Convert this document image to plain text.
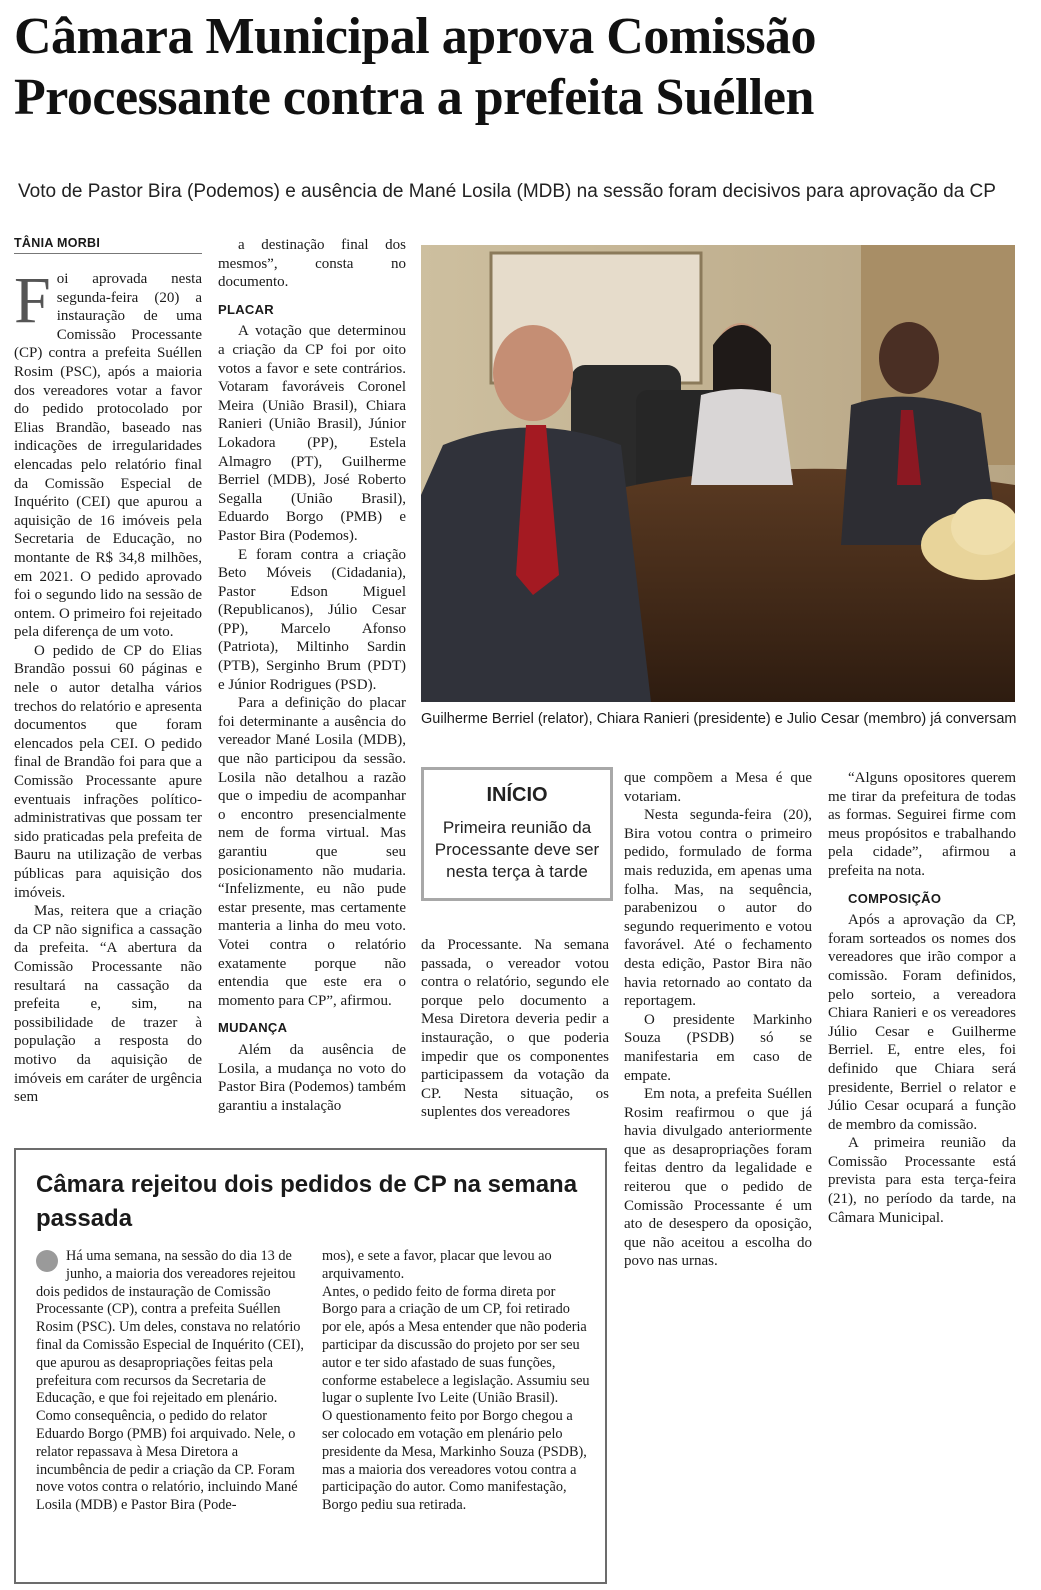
Câmara Municipal aprova Comissão Processante contra a prefeita Suéllen

Voto de Pastor Bira (Podemos) e ausência de Mané Losila (MDB) na sessão foram decisivos para aprovação da CP

TÂNIA MORBI

Foi aprovada nesta segunda-feira (20) a instauração de uma Comissão Processante (CP) contra a prefeita Suéllen Rosim (PSC), após a maioria dos vereadores votar a favor do pedido protocolado por Elias Brandão, baseado nas indicações de irregularidades elencadas pelo relatório final da Comissão Especial de Inquérito (CEI) que apurou a aquisição de 16 imóveis pela Secretaria de Educação, no montante de R$ 34,8 milhões, em 2021. O pedido aprovado foi o segundo lido na sessão de ontem. O primeiro foi rejeitado pela diferença de um voto.

O pedido de CP do Elias Brandão possui 60 páginas e nele o autor detalha vários trechos do relatório e apresenta documentos que foram elencados pela CEI. O pedido final de Brandão foi para que a Comissão Processante apure eventuais infrações político-administrativas que possam ter sido praticadas pela prefeita de Bauru na utilização de verbas públicas para aquisição dos imóveis.

Mas, reitera que a criação da CP não significa a cassação da prefeita. “A abertura da Comissão Processante não resultará na cassação da prefeita e, sim, na possibilidade de trazer à população a resposta do motivo da aquisição de imóveis em caráter de urgência sem

a destinação final dos mesmos”, consta no documento.

PLACAR

A votação que determinou a criação da CP foi por oito votos a favor e sete contrários. Votaram favoráveis Coronel Meira (União Brasil), Chiara Ranieri (União Brasil), Júnior Lokadora (PP), Estela Almagro (PT), Guilherme Berriel (MDB), José Roberto Segalla (União Brasil), Eduardo Borgo (PMB) e Pastor Bira (Podemos).

E foram contra a criação Beto Móveis (Cidadania), Pastor Edson Miguel (Republicanos), Júlio Cesar (PP), Marcelo Afonso (Patriota), Miltinho Sardin (PTB), Serginho Brum (PDT) e Júnior Rodrigues (PSD).

Para a definição do placar foi determinante a ausência do vereador Mané Losila (MDB), que não participou da sessão. Losila não detalhou a razão que o impediu de acompanhar o encontro presencialmente nem de forma virtual. Mas garantiu que seu posicionamento não mudaria. “Infelizmente, eu não pude estar presente, mas certamente manteria a linha do meu voto. Votei contra o relatório exatamente porque não entendia que este era o momento para CP”, afirmou.

MUDANÇA

Além da ausência de Losila, a mudança no voto do Pastor Bira (Podemos) também garantiu a instalação

Guilherme Berriel (relator), Chiara Ranieri (presidente) e Julio Cesar (membro) já conversam
INÍCIO
Primeira reunião da Processante deve ser nesta terça à tarde

da Processante. Na semana passada, o vereador votou contra o relatório, segundo ele porque pelo documento a Mesa Diretora deveria pedir a instauração, o que poderia impedir que os componentes participassem da votação da CP. Nesta situação, os suplentes dos vereadores

que compõem a Mesa é que votariam.

Nesta segunda-feira (20), Bira votou contra o primeiro pedido, formulado de forma mais reduzida, em apenas uma folha. Mas, na sequência, parabenizou o autor do segundo requerimento e votou favorável. Até o fechamento desta edição, Pastor Bira não havia retornado ao contato da reportagem.

O presidente Markinho Souza (PSDB) só se manifestaria em caso de empate.

Em nota, a prefeita Suéllen Rosim reafirmou o que já havia divulgado anteriormente que as desapropriações foram feitas dentro da legalidade e reiterou que o pedido de Comissão Processante é um ato de desespero da oposição, que não aceitou a escolha do povo nas urnas.

“Alguns opositores querem me tirar da prefeitura de todas as formas. Seguirei firme com meus propósitos e trabalhando pela cidade”, afirmou a prefeita na nota.

COMPOSIÇÃO

Após a aprovação da CP, foram sorteados os nomes dos vereadores que irão compor a comissão. Foram definidos, pelo sorteio, a vereadora Chiara Ranieri e os vereadores Júlio Cesar e Guilherme Berriel. E, entre eles, foi definido que Chiara será presidente, Berriel o relator e Júlio Cesar ocupará a função de membro da comissão.

A primeira reunião da Comissão Processante está prevista para esta terça-feira (21), no período da tarde, na Câmara Municipal.

Câmara rejeitou dois pedidos de CP na semana passada

Há uma semana, na sessão do dia 13 de junho, a maioria dos vereadores rejeitou dois pedidos de instauração de Comissão Processante (CP), contra a prefeita Suéllen Rosim (PSC). Um deles, constava no relatório final da Comissão Especial de Inquérito (CEI), que apurou as desapropriações feitas pela prefeitura com recursos da Secretaria de Educação, e que foi rejeitado em plenário.

Como consequência, o pedido do relator Eduardo Borgo (PMB) foi arquivado. Nele, o relator repassava à Mesa Diretora a incumbência de pedir a criação da CP. Foram nove votos contra o relatório, incluindo Mané Losila (MDB) e Pastor Bira (Pode-

mos), e sete a favor, placar que levou ao arquivamento.

Antes, o pedido feito de forma direta por Borgo para a criação de um CP, foi retirado por ele, após a Mesa entender que não poderia participar da discussão do projeto por ser seu autor e ter sido afastado de suas funções, conforme estabelece a legislação. Assumiu seu lugar o suplente Ivo Leite (União Brasil).

O questionamento feito por Borgo chegou a ser colocado em votação em plenário pelo presidente da Mesa, Markinho Souza (PSDB), mas a maioria dos vereadores votou contra a participação do autor. Como manifestação, Borgo pediu sua retirada.
